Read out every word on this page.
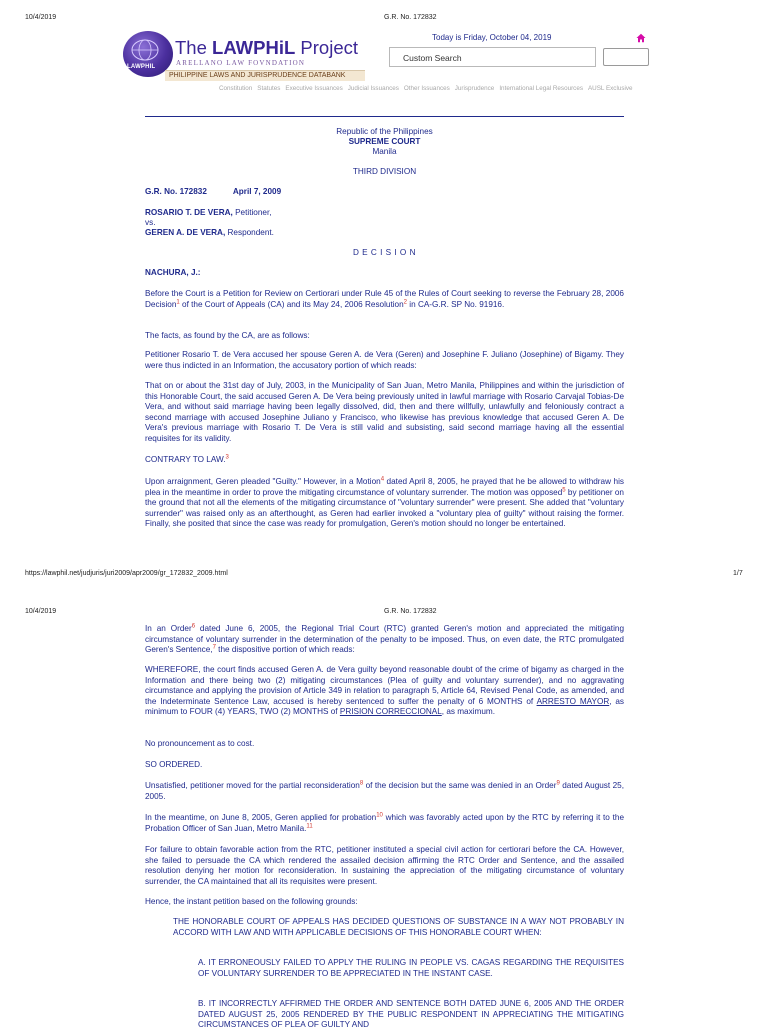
10/4/2019	G.R. No. 172832
LAWPHIL
The LAWPHiL Project
ARELLANO LAW FOVNDATION
PHILIPPINE LAWS AND JURISPRUDENCE DATABANK
Today is Friday, October 04, 2019
Custom Search
Constitution Statutes Executive Issuances Judicial Issuances Other Issuances Jurisprudence International Legal Resources AUSL Exclusive
Republic of the Philippines
SUPREME COURT
Manila
THIRD DIVISION
G.R. No. 172832	April 7, 2009
ROSARIO T. DE VERA, Petitioner,
vs.
GEREN A. DE VERA, Respondent.
D E C I S I O N
NACHURA, J.:
Before the Court is a Petition for Review on Certiorari under Rule 45 of the Rules of Court seeking to reverse the February 28, 2006 Decision$^1$ of the Court of Appeals (CA) and its May 24, 2006 Resolution$^2$ in CA-G.R. SP No. 91916.
The facts, as found by the CA, are as follows:
Petitioner Rosario T. de Vera accused her spouse Geren A. de Vera (Geren) and Josephine F. Juliano (Josephine) of Bigamy. They were thus indicted in an Information, the accusatory portion of which reads:
That on or about the 31st day of July, 2003, in the Municipality of San Juan, Metro Manila, Philippines and within the jurisdiction of this Honorable Court, the said accused Geren A. De Vera being previously united in lawful marriage with Rosario Carvajal Tobias-De Vera, and without said marriage having been legally dissolved, did, then and there willfully, unlawfully and feloniously contract a second marriage with accused Josephine Juliano y Francisco, who likewise has previous knowledge that accused Geren A. De Vera's previous marriage with Rosario T. De Vera is still valid and subsisting, said second marriage having all the essential requisites for its validity.
CONTRARY TO LAW.$^3$
Upon arraignment, Geren pleaded "Guilty." However, in a Motion$^4$ dated April 8, 2005, he prayed that he be allowed to withdraw his plea in the meantime in order to prove the mitigating circumstance of voluntary surrender. The motion was opposed$^5$ by petitioner on the ground that not all the elements of the mitigating circumstance of "voluntary surrender" were present. She added that "voluntary surrender" was raised only as an afterthought, as Geren had earlier invoked a "voluntary plea of guilty" without raising the former. Finally, she posited that since the case was ready for promulgation, Geren's motion should no longer be entertained.
https://lawphil.net/judjuris/juri2009/apr2009/gr_172832_2009.html	1/7
10/4/2019	G.R. No. 172832
In an Order$^6$ dated June 6, 2005, the Regional Trial Court (RTC) granted Geren's motion and appreciated the mitigating circumstance of voluntary surrender in the determination of the penalty to be imposed. Thus, on even date, the RTC promulgated Geren's Sentence,$^7$ the dispositive portion of which reads:
WHEREFORE, the court finds accused Geren A. de Vera guilty beyond reasonable doubt of the crime of bigamy as charged in the Information and there being two (2) mitigating circumstances (Plea of guilty and voluntary surrender), and no aggravating circumstance and applying the provision of Article 349 in relation to paragraph 5, Article 64, Revised Penal Code, as amended, and the Indeterminate Sentence Law, accused is hereby sentenced to suffer the penalty of 6 MONTHS of ARRESTO MAYOR, as minimum to FOUR (4) YEARS, TWO (2) MONTHS of PRISION CORRECCIONAL, as maximum.
No pronouncement as to cost.
SO ORDERED.
Unsatisfied, petitioner moved for the partial reconsideration$^8$ of the decision but the same was denied in an Order$^9$ dated August 25, 2005.
In the meantime, on June 8, 2005, Geren applied for probation$^{10}$ which was favorably acted upon by the RTC by referring it to the Probation Officer of San Juan, Metro Manila.$^{11}$
For failure to obtain favorable action from the RTC, petitioner instituted a special civil action for certiorari before the CA. However, she failed to persuade the CA which rendered the assailed decision affirming the RTC Order and Sentence, and the assailed resolution denying her motion for reconsideration. In sustaining the appreciation of the mitigating circumstance of voluntary surrender, the CA maintained that all its requisites were present.
Hence, the instant petition based on the following grounds:
THE HONORABLE COURT OF APPEALS HAS DECIDED QUESTIONS OF SUBSTANCE IN A WAY NOT PROBABLY IN ACCORD WITH LAW AND WITH APPLICABLE DECISIONS OF THIS HONORABLE COURT WHEN:
A. IT ERRONEOUSLY FAILED TO APPLY THE RULING IN PEOPLE VS. CAGAS REGARDING THE REQUISITES OF VOLUNTARY SURRENDER TO BE APPRECIATED IN THE INSTANT CASE.
B. IT INCORRECTLY AFFIRMED THE ORDER AND SENTENCE BOTH DATED JUNE 6, 2005 AND THE ORDER DATED AUGUST 25, 2005 RENDERED BY THE PUBLIC RESPONDENT IN APPRECIATING THE MITIGATING CIRCUMSTANCES OF PLEA OF GUILTY AND
